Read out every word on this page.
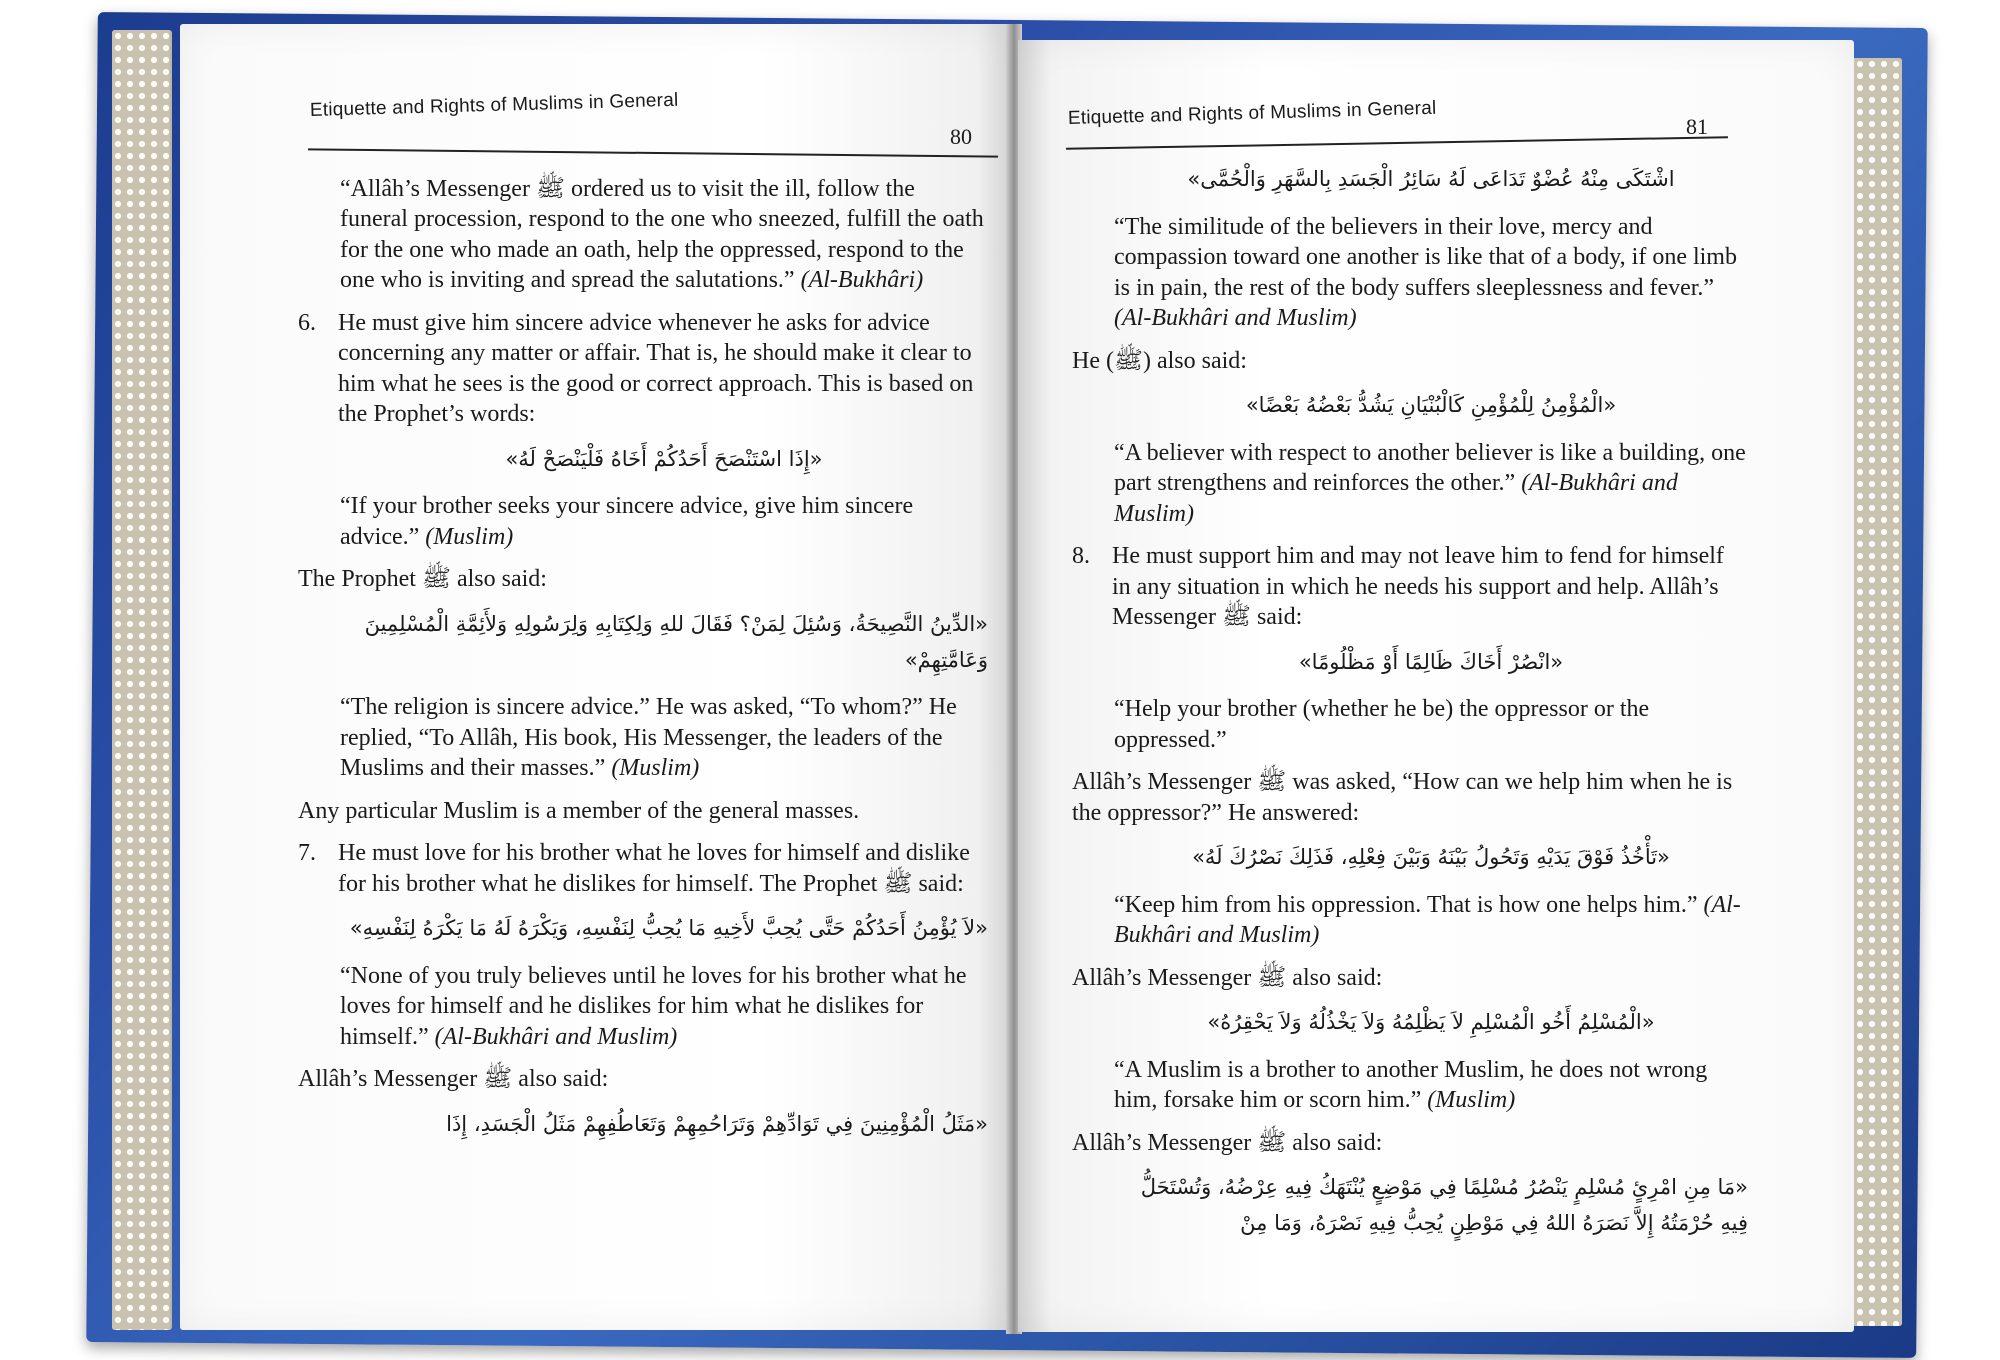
Etiquette and Rights of Muslims in General
80

“Allâh’s Messenger ﷺ ordered us to visit the ill, follow the funeral procession, respond to the one who sneezed, fulfill the oath for the one who made an oath, help the oppressed, respond to the one who is inviting and spread the salutations.” (Al-Bukhâri)

6. He must give him sincere advice whenever he asks for advice concerning any matter or affair. That is, he should make it clear to him what he sees is the good or correct approach. This is based on the Prophet’s words:
«إِذَا اسْتَنْصَحَ أَحَدُكُمْ أَخَاهُ فَلْيَنْصَحْ لَهُ»

“If your brother seeks your sincere advice, give him sincere advice.” (Muslim)

The Prophet ﷺ also said:

«الدِّينُ النَّصِيحَةُ، وَسُئِلَ لِمَنْ؟ فَقَالَ للهِ وَلِكِتَابِهِ وَلِرَسُولِهِ وَلأَئِمَّةِ الْمُسْلِمِينَ وَعَامَّتِهِمْ»

“The religion is sincere advice.” He was asked, “To whom?” He replied, “To Allâh, His book, His Messenger, the leaders of the Muslims and their masses.” (Muslim)

Any particular Muslim is a member of the general masses.

7. He must love for his brother what he loves for himself and dislike for his brother what he dislikes for himself. The Prophet ﷺ said:
«لاَ يُؤْمِنُ أَحَدُكُمْ حَتَّى يُحِبَّ لأَخِيهِ مَا يُحِبُّ لِنَفْسِهِ، وَيَكْرَهُ لَهُ مَا يَكْرَهُ لِنَفْسِهِ»

“None of you truly believes until he loves for his brother what he loves for himself and he dislikes for him what he dislikes for himself.” (Al-Bukhâri and Muslim)

Allâh’s Messenger ﷺ also said:

«مَثَلُ الْمُؤْمِنِينَ فِي تَوَادِّهِمْ وَتَرَاحُمِهِمْ وَتَعَاطُفِهِمْ مَثَلُ الْجَسَدِ، إِذَا
Etiquette and Rights of Muslims in General	81
اشْتَكَى مِنْهُ عُضْوٌ تَدَاعَى لَهُ سَائِرُ الْجَسَدِ بِالسَّهَرِ وَالْحُمَّى»

“The similitude of the believers in their love, mercy and compassion toward one another is like that of a body, if one limb is in pain, the rest of the body suffers sleeplessness and fever.” (Al-Bukhâri and Muslim)

He (ﷺ) also said:

«الْمُؤْمِنُ لِلْمُؤْمِنِ كَالْبُنْيَانِ يَشُدُّ بَعْضُهُ بَعْضًا»

“A believer with respect to another believer is like a building, one part strengthens and reinforces the other.” (Al-Bukhâri and Muslim)

8. He must support him and may not leave him to fend for himself in any situation in which he needs his support and help. Allâh’s Messenger ﷺ said:
«انْصُرْ أَخَاكَ ظَالِمًا أَوْ مَظْلُومًا»

“Help your brother (whether he be) the oppressor or the oppressed.”

Allâh’s Messenger ﷺ was asked, “How can we help him when he is the oppressor?” He answered:

«تَأْخُذُ فَوْقَ يَدَيْهِ وَتَحُولُ بَيْنَهُ وَبَيْنَ فِعْلِهِ، فَذَلِكَ نَصْرُكَ لَهُ»

“Keep him from his oppression. That is how one helps him.” (Al-Bukhâri and Muslim)

Allâh’s Messenger ﷺ also said:

«الْمُسْلِمُ أَخُو الْمُسْلِمِ لاَ يَظْلِمُهُ وَلاَ يَخْذُلُهُ وَلاَ يَحْقِرُهُ»

“A Muslim is a brother to another Muslim, he does not wrong him, forsake him or scorn him.” (Muslim)

Allâh’s Messenger ﷺ also said:

«مَا مِنِ امْرِئٍ مُسْلِمٍ يَنْصُرُ مُسْلِمًا فِي مَوْضِعٍ يُنْتَهَكُ فِيهِ عِرْضُهُ، وَتُسْتَحَلُّ فِيهِ حُرْمَتُهُ إِلاَّ نَصَرَهُ اللهُ فِي مَوْطِنٍ يُحِبُّ فِيهِ نَصْرَهُ، وَمَا مِنْ
